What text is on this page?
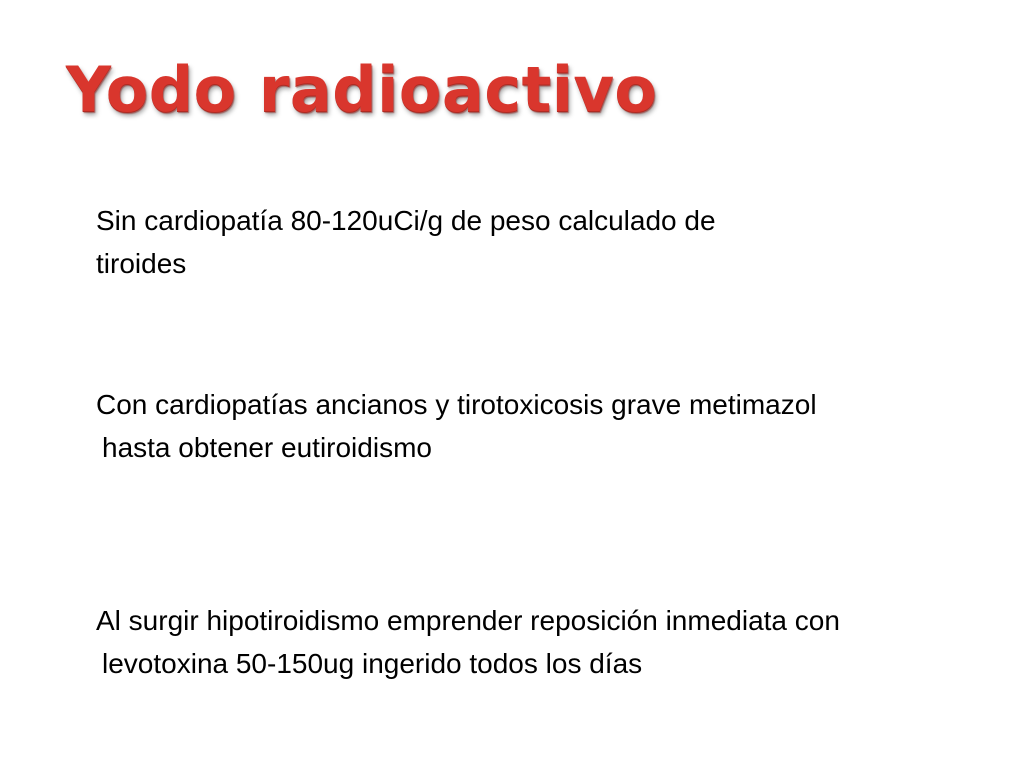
Yodo radioactivo

Sin cardiopatía 80-120uCi/g de peso calculado de
tiroides

Con cardiopatías ancianos y tirotoxicosis grave metimazol
hasta obtener eutiroidismo

Al surgir hipotiroidismo emprender reposición inmediata con
levotoxina 50-150ug ingerido todos los días
